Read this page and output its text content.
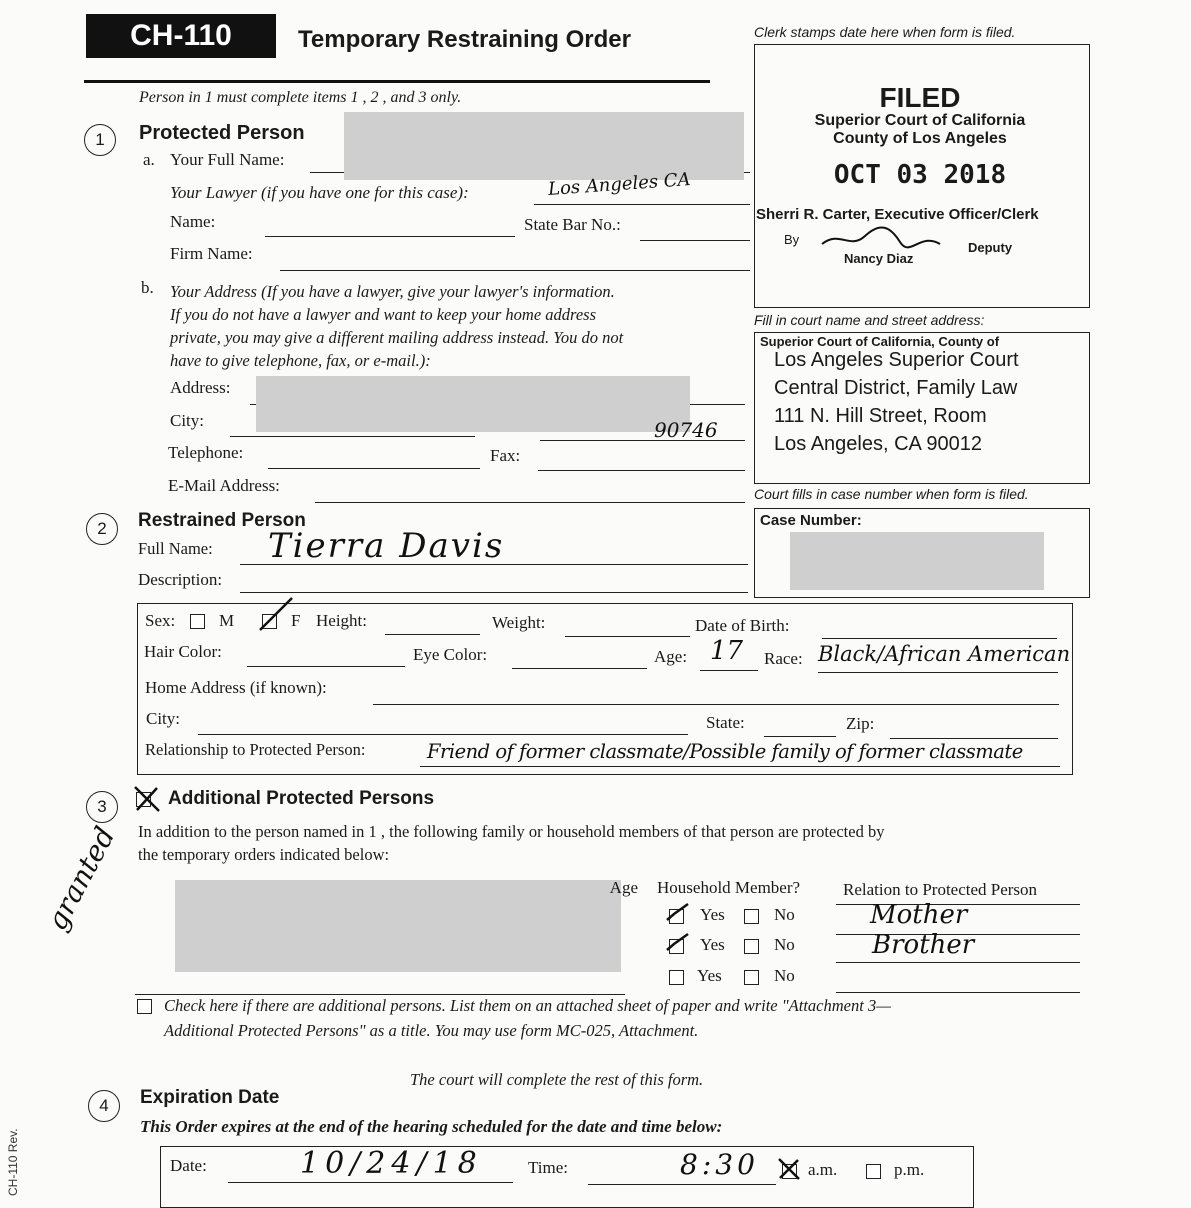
CH-110	Temporary Restraining Order	Clerk stamps date here when form is filed.
Person in 1 must complete items 1 , 2 , and 3 only.	FILED
Superior Court of California
County of Los Angeles
OCT 03 2018
Sherri R. Carter, Executive Officer/Clerk
By
Deputy
Nancy Diaz
Fill in court name and street address:
Superior Court of California, County of
Los Angeles Superior Court
Central District, Family Law
111 N. Hill Street, Room
Los Angeles, CA 90012
Court fills in case number when form is filed.
Case Number:
1	Protected Person
a. Your Full Name:
Your Lawyer (if you have one for this case):	Los Angeles CA
Name:	State Bar No.:
Firm Name:
b. Your Address (If you have a lawyer, give your lawyer's information.
If you do not have a lawyer and want to keep your home address
private, you may give a different mailing address instead. You do not
have to give telephone, fax, or e-mail.):
Address:
City:	90746
Telephone:	Fax:
E-Mail Address:
2	Restrained Person
Full Name: Tierra Davis
Description:
Sex:	M	F Height:	Weight:	Date of Birth:
Hair Color:	Eye Color:	Age: 17 Race: Black/African American
Home Address (if known):
City:	State:	Zip:
Relationship to Protected Person:	Friend of former classmate/Possible family of former classmate
3	Additional Protected Persons
In addition to the person named in 1 , the following family or household members of that person are protected by
the temporary orders indicated below:
granted	Age Household Member?	Relation to Protected Person
Yes	No	Mother
Yes	No	Brother
Yes	No
Check here if there are additional persons. List them on an attached sheet of paper and write "Attachment 3—
Additional Protected Persons" as a title. You may use form MC-025, Attachment.
The court will complete the rest of this form.
4	Expiration Date
This Order expires at the end of the hearing scheduled for the date and time below:
Date:	10/24/18	Time:	8:30	a.m.	p.m.
CH-110 Rev.
